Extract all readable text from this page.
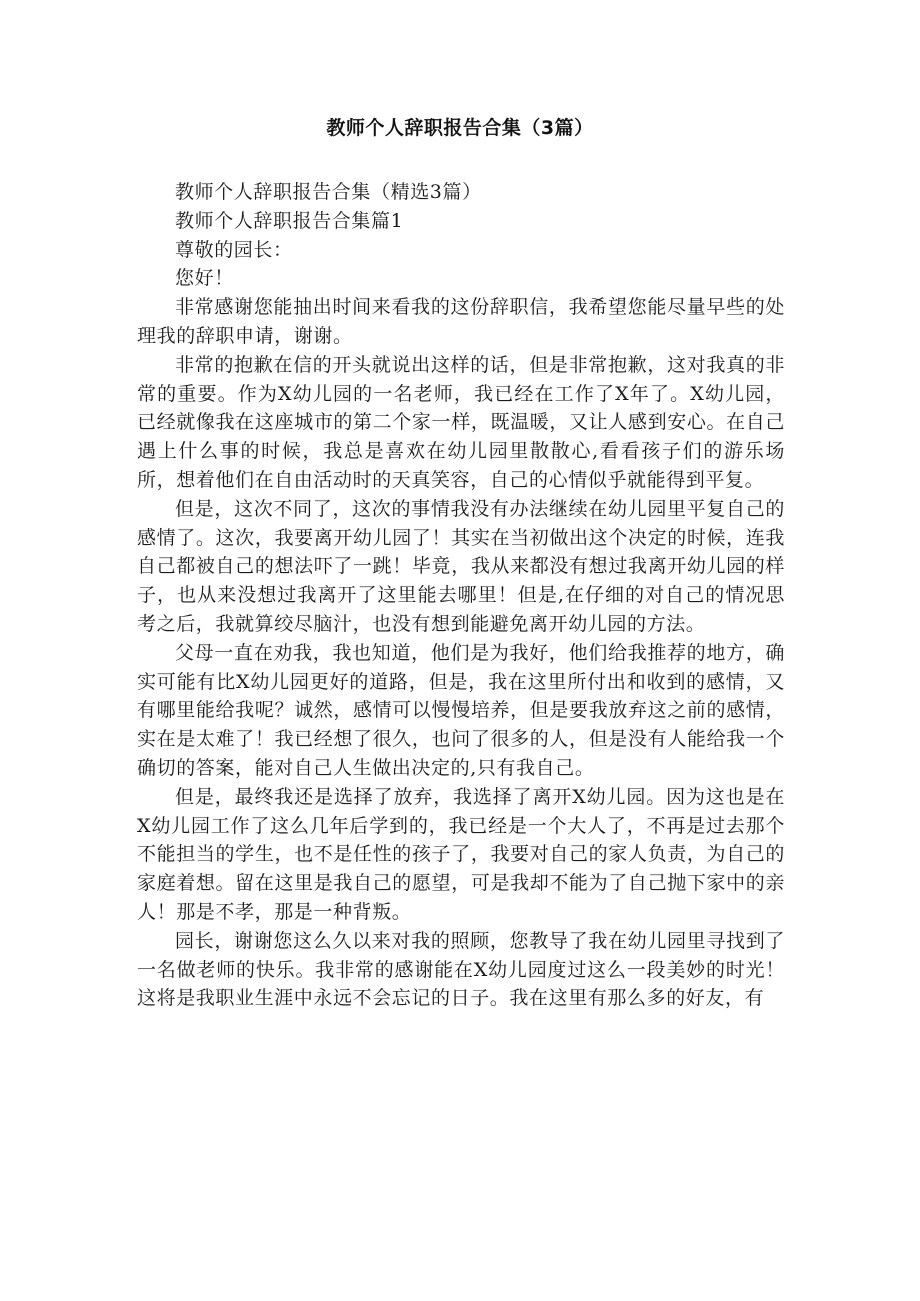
教师个人辞职报告合集（3篇）

教师个人辞职报告合集（精选3篇）

教师个人辞职报告合集篇1

尊敬的园长：

您好！

非常感谢您能抽出时间来看我的这份辞职信，我希望您能尽量早些的处理我的辞职申请，谢谢。

非常的抱歉在信的开头就说出这样的话，但是非常抱歉，这对我真的非常的重要。作为X幼儿园的一名老师，我已经在工作了X年了。X幼儿园，已经就像我在这座城市的第二个家一样，既温暖，又让人感到安心。在自己遇上什么事的时候，我总是喜欢在幼儿园里散散心,看看孩子们的游乐场所，想着他们在自由活动时的天真笑容，自己的心情似乎就能得到平复。

但是，这次不同了，这次的事情我没有办法继续在幼儿园里平复自己的感情了。这次，我要离开幼儿园了！其实在当初做出这个决定的时候，连我自己都被自己的想法吓了一跳！毕竟，我从来都没有想过我离开幼儿园的样子，也从来没想过我离开了这里能去哪里！但是,在仔细的对自己的情况思考之后，我就算绞尽脑汁，也没有想到能避免离开幼儿园的方法。

父母一直在劝我，我也知道，他们是为我好，他们给我推荐的地方，确实可能有比X幼儿园更好的道路，但是，我在这里所付出和收到的感情，又有哪里能给我呢？诚然，感情可以慢慢培养，但是要我放弃这之前的感情，实在是太难了！我已经想了很久，也问了很多的人，但是没有人能给我一个确切的答案，能对自己人生做出决定的,只有我自己。

但是，最终我还是选择了放弃，我选择了离开X幼儿园。因为这也是在X幼儿园工作了这么几年后学到的，我已经是一个大人了，不再是过去那个不能担当的学生，也不是任性的孩子了，我要对自己的家人负责，为自己的家庭着想。留在这里是我自己的愿望，可是我却不能为了自己抛下家中的亲人！那是不孝，那是一种背叛。

园长，谢谢您这么久以来对我的照顾，您教导了我在幼儿园里寻找到了一名做老师的快乐。我非常的感谢能在X幼儿园度过这么一段美妙的时光！这将是我职业生涯中永远不会忘记的日子。我在这里有那么多的好友，有
